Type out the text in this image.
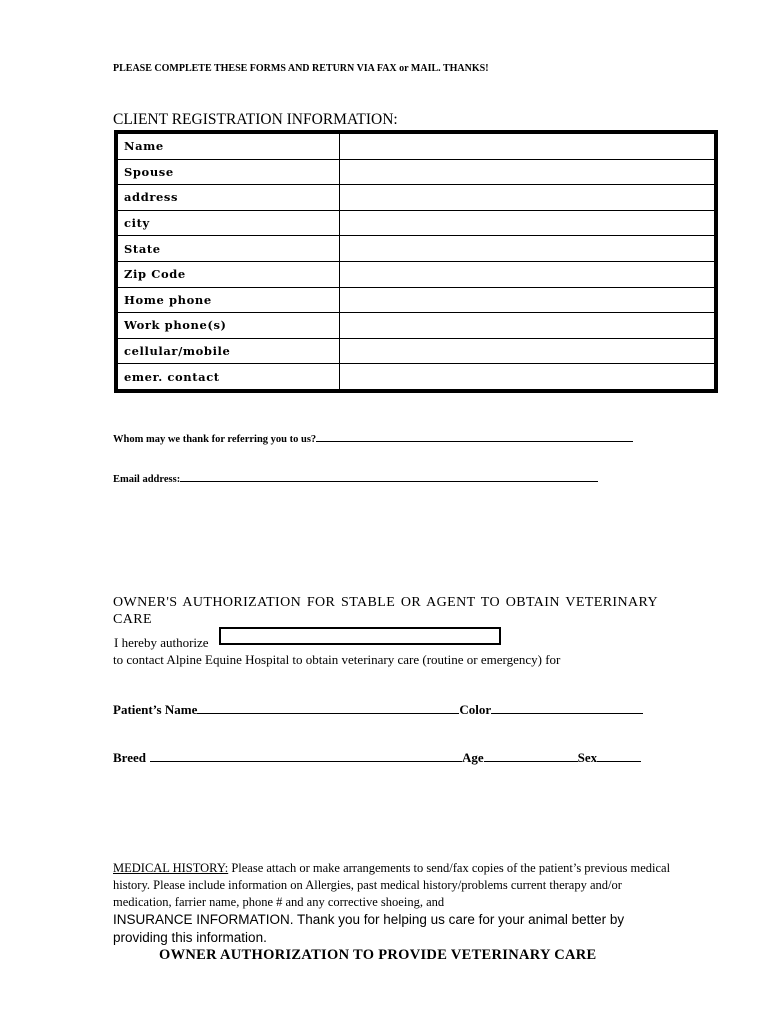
PLEASE COMPLETE THESE FORMS AND RETURN VIA FAX or MAIL. THANKS!
CLIENT REGISTRATION INFORMATION:
Name	
Spouse	
address	
city	
State	
Zip Code	
Home phone	
Work phone(s)	
cellular/mobile	
emer. contact	
Whom may we thank for referring you to us?
Email address:
OWNER'S AUTHORIZATION FOR STABLE OR AGENT TO OBTAIN VETERINARY CARE
I hereby authorize
to contact Alpine Equine Hospital to obtain veterinary care (routine or emergency) for
Patient’s Name	Color
Breed	Age	Sex
MEDICAL HISTORY: Please attach or make arrangements to send/fax copies of the patient’s previous medical history. Please include information on Allergies, past medical history/problems current therapy and/or medication, farrier name, phone # and any corrective shoeing, and
INSURANCE INFORMATION. Thank you for helping us care for your animal better by providing this information.
OWNER AUTHORIZATION TO PROVIDE VETERINARY CARE
